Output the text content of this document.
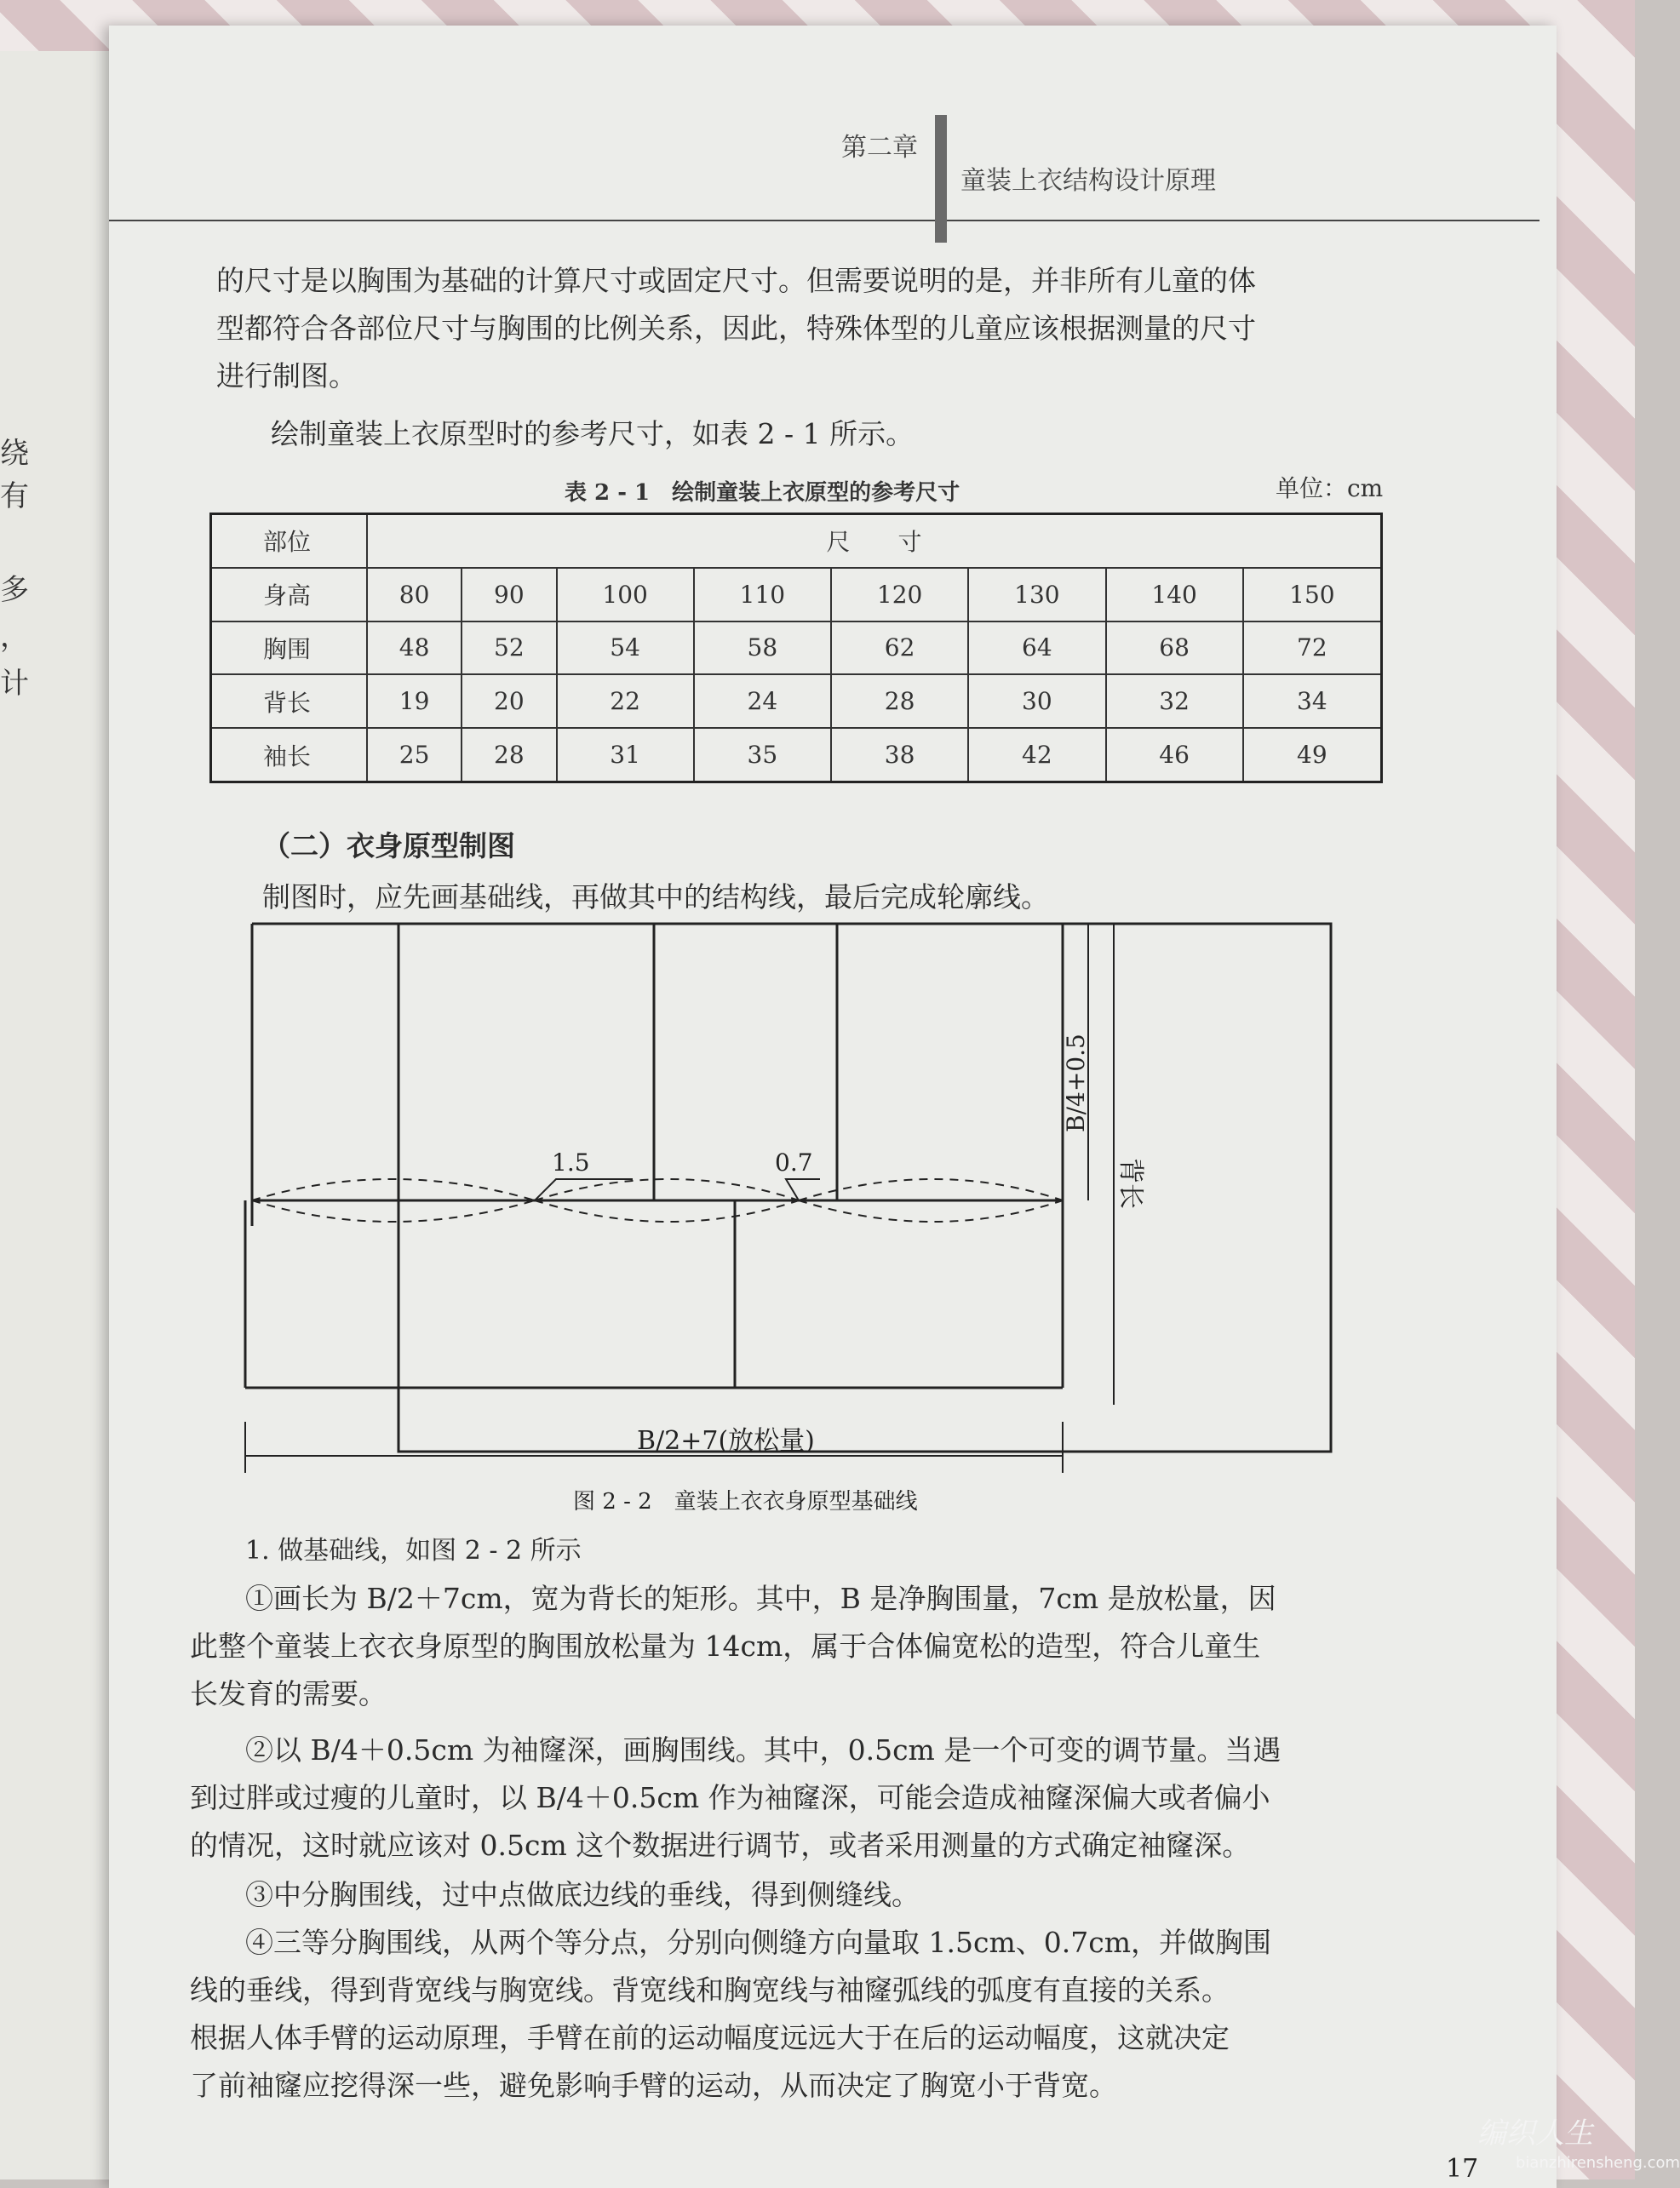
绕
有
多
，
计
第二章
童装上衣结构设计原理
的尺寸是以胸围为基础的计算尺寸或固定尺寸。但需要说明的是，并非所有儿童的体
型都符合各部位尺寸与胸围的比例关系，因此，特殊体型的儿童应该根据测量的尺寸
进行制图。
绘制童装上衣原型时的参考尺寸，如表 2 - 1 所示。
表 2 - 1　绘制童装上衣原型的参考尺寸	单位：cm
部位	尺　　寸							
身高	80	90	100	110	120	130	140	150
胸围	48	52	54	58	62	64	68	72
背长	19	20	22	24	28	30	32	34
袖长	25	28	31	35	38	42	46	49
（二）衣身原型制图
制图时，应先画基础线，再做其中的结构线，最后完成轮廓线。
1.5	0.7
B/4+0.5
背长
B/2+7(放松量)
图 2 - 2　童装上衣衣身原型基础线
1. 做基础线，如图 2 - 2 所示
①画长为 B/2＋7cm，宽为背长的矩形。其中，B 是净胸围量，7cm 是放松量，因
此整个童装上衣衣身原型的胸围放松量为 14cm，属于合体偏宽松的造型，符合儿童生
长发育的需要。
②以 B/4＋0.5cm 为袖窿深，画胸围线。其中，0.5cm 是一个可变的调节量。当遇
到过胖或过瘦的儿童时，以 B/4＋0.5cm 作为袖窿深，可能会造成袖窿深偏大或者偏小
的情况，这时就应该对 0.5cm 这个数据进行调节，或者采用测量的方式确定袖窿深。
③中分胸围线，过中点做底边线的垂线，得到侧缝线。
④三等分胸围线，从两个等分点，分别向侧缝方向量取 1.5cm、0.7cm，并做胸围
线的垂线，得到背宽线与胸宽线。背宽线和胸宽线与袖窿弧线的弧度有直接的关系。
根据人体手臂的运动原理，手臂在前的运动幅度远远大于在后的运动幅度，这就决定
了前袖窿应挖得深一些，避免影响手臂的运动，从而决定了胸宽小于背宽。
17
编织人生
bianzhirensheng.com
